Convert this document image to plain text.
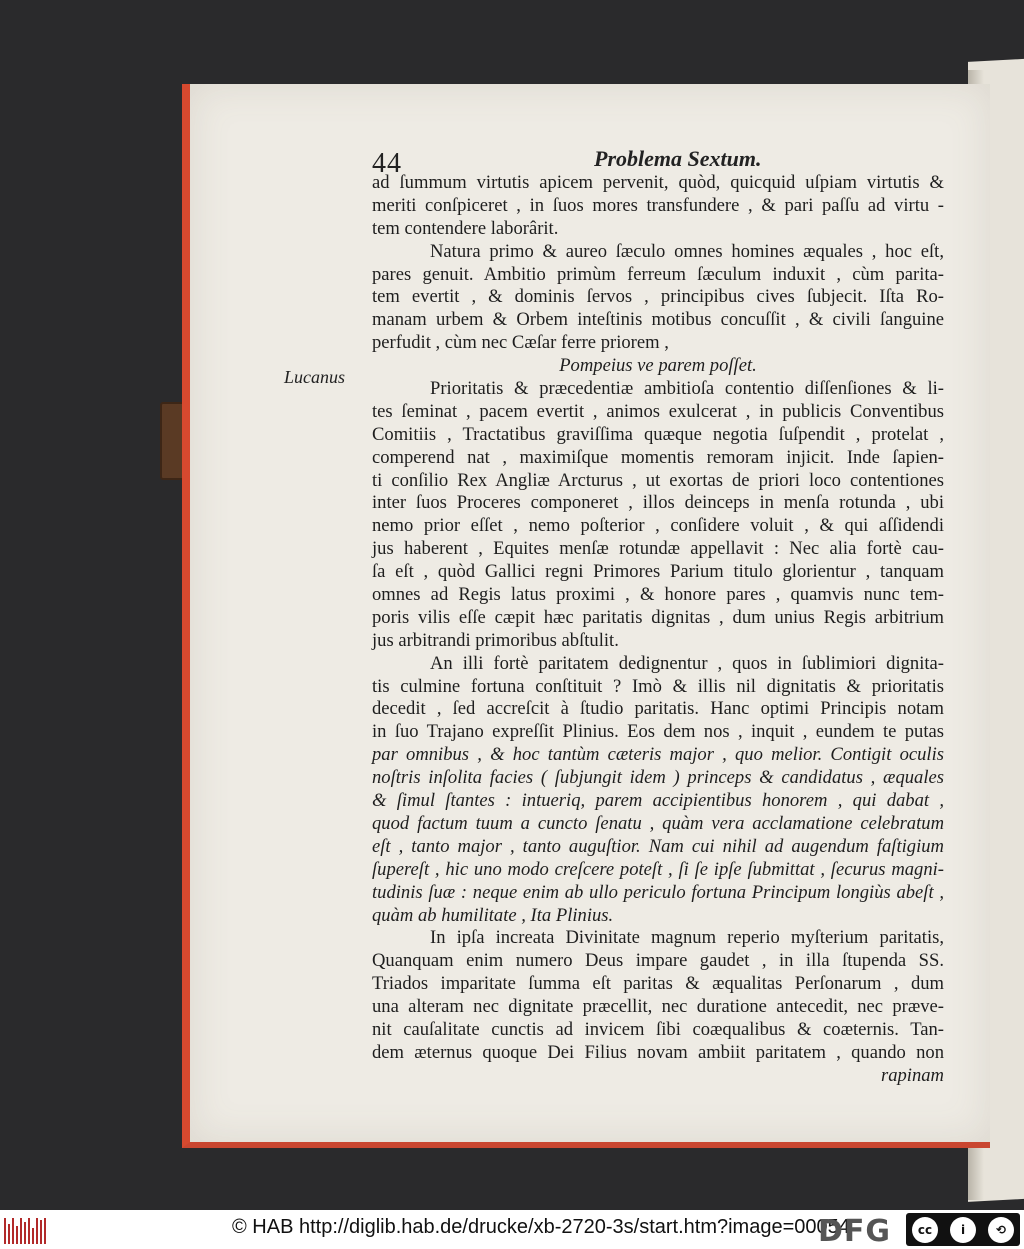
44	Problema Sextum.
Lucanus
ad ſummum virtutis apicem pervenit, quòd, quicquid uſpiam virtutis &
meriti conſpiceret , in ſuos mores transfundere , & pari paſſu ad virtu -
tem contendere laborârit.
Natura primo & aureo ſæculo omnes homines æquales , hoc eſt,
pares genuit. Ambitio primùm ferreum ſæculum induxit , cùm parita-
tem evertit , & dominis ſervos , principibus cives ſubjecit. Iſta Ro-
manam urbem & Orbem inteſtinis motibus concuſſit , & civili ſanguine
perfudit , cùm nec Cæſar ferre priorem ,
Pompeius ve parem poſſet.
Prioritatis & præcedentiæ ambitioſa contentio diſſenſiones & li-
tes ſeminat , pacem evertit , animos exulcerat , in publicis Conventibus
Comitiis , Tractatibus graviſſima quæque negotia ſuſpendit , protelat ,
comperend nat , maximiſque momentis remoram injicit. Inde ſapien-
ti conſilio Rex Angliæ Arcturus , ut exortas de priori loco contentiones
inter ſuos Proceres componeret , illos deinceps in menſa rotunda , ubi
nemo prior eſſet , nemo poſterior , conſidere voluit , & qui aſſidendi
jus haberent , Equites menſæ rotundæ appellavit : Nec alia fortè cau-
ſa eſt , quòd Gallici regni Primores Parium titulo glorientur , tanquam
omnes ad Regis latus proximi , & honore pares , quamvis nunc tem-
poris vilis eſſe cæpit hæc paritatis dignitas , dum unius Regis arbitrium
jus arbitrandi primoribus abſtulit.
An illi fortè paritatem dedignentur , quos in ſublimiori dignita-
tis culmine fortuna conſtituit ? Imò & illis nil dignitatis & prioritatis
decedit , ſed accreſcit à ſtudio paritatis. Hanc optimi Principis notam
in ſuo Trajano expreſſit Plinius. Eos dem nos , inquit , eundem te putas
par omnibus , & hoc tantùm cæteris major , quo melior. Contigit oculis
noſtris inſolita facies ( ſubjungit idem ) princeps & candidatus , æquales
& ſimul ſtantes : intueriq, parem accipientibus honorem , qui dabat ,
quod factum tuum a cuncto ſenatu , quàm vera acclamatione celebratum
eſt , tanto major , tanto auguſtior. Nam cui nihil ad augendum faſtigium
ſupereſt , hic uno modo creſcere poteſt , ſi ſe ipſe ſubmittat , ſecurus magni-
tudinis ſuæ : neque enim ab ullo periculo fortuna Principum longiùs abeſt ,
quàm ab humilitate , Ita Plinius.
In ipſa increata Divinitate magnum reperio myſterium paritatis,
Quanquam enim numero Deus impare gaudet , in illa ſtupenda SS.
Triados imparitate ſumma eſt paritas & æqualitas Perſonarum , dum
una alteram nec dignitate præcellit, nec duratione antecedit, nec præve-
nit cauſalitate cunctis ad invicem ſibi coæqualibus & coæternis. Tan-
dem æternus quoque Dei Filius novam ambiit paritatem , quando non
rapinam
© HAB http://diglib.hab.de/drucke/xb-2720-3s/start.htm?image=00054
DFG	cc	i	⟲
